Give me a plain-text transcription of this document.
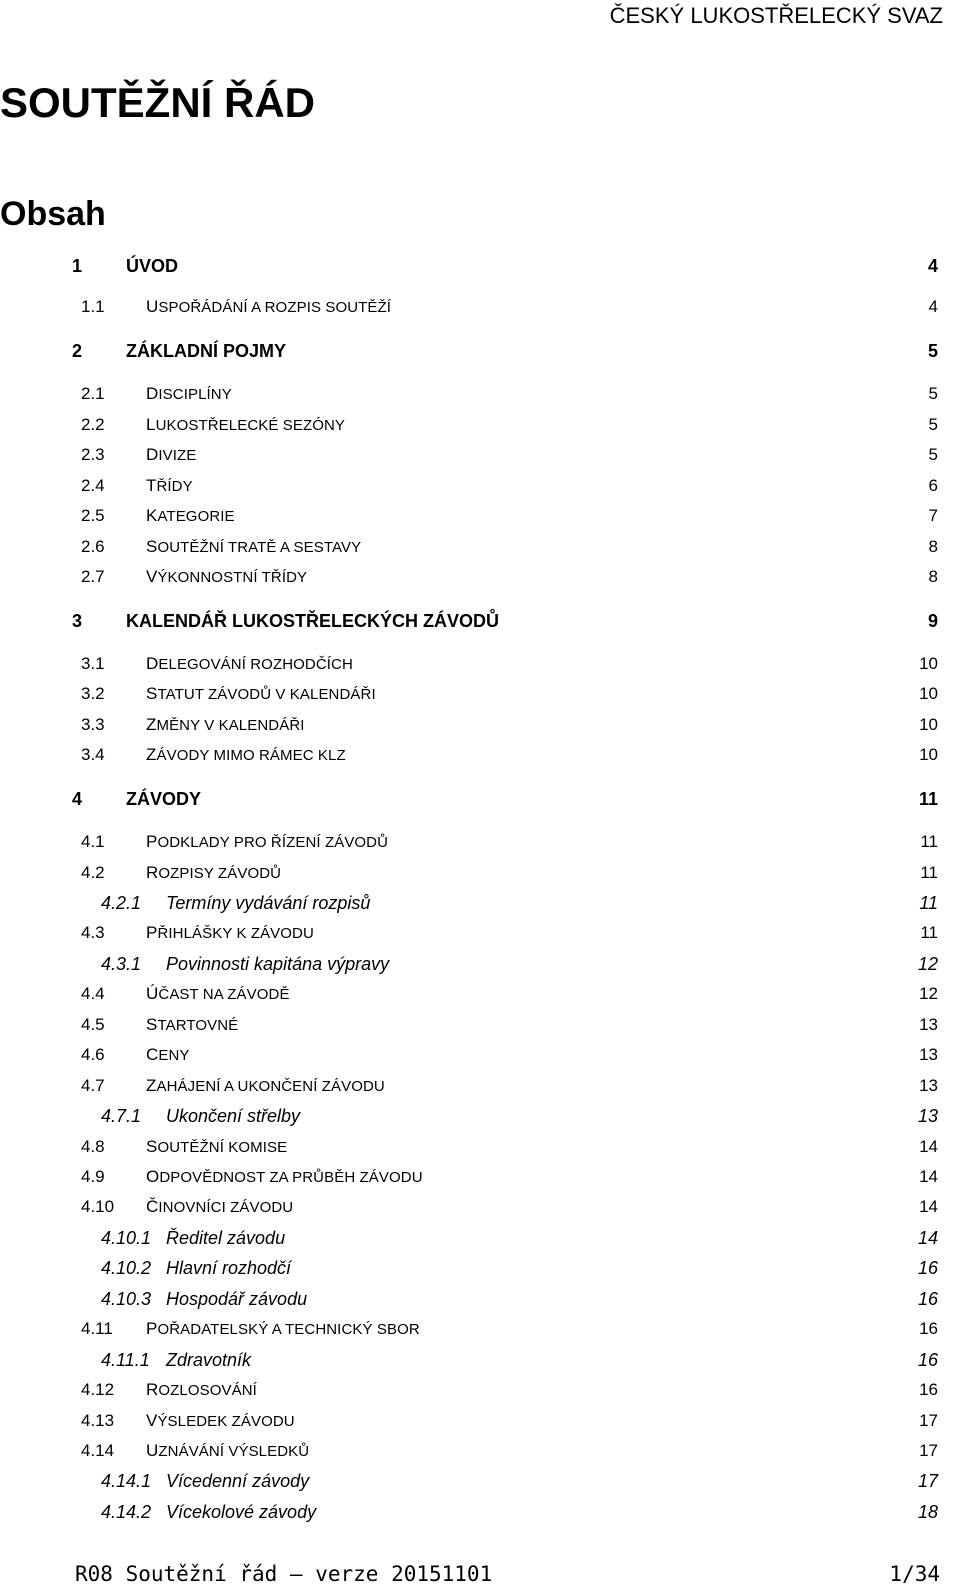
ČESKÝ LUKOSTŘELECKÝ SVAZ
SOUTĚŽNÍ ŘÁD
Obsah
1 ÚVOD	4
1.1	USPOŘÁDÁNÍ A ROZPIS SOUTĚŽÍ	4
2 ZÁKLADNÍ POJMY	5
2.1	DISCIPLÍNY	5
2.2	LUKOSTŘELECKÉ SEZÓNY	5
2.3	DIVIZE	5
2.4	TŘÍDY	6
2.5	KATEGORIE	7
2.6	SOUTĚŽNÍ TRATĚ A SESTAVY	8
2.7	VÝKONNOSTNÍ TŘÍDY	8
3 KALENDÁŘ LUKOSTŘELECKÝCH ZÁVODŮ	9
3.1	DELEGOVÁNÍ ROZHODČÍCH	10
3.2	STATUT ZÁVODŮ V KALENDÁŘI	10
3.3	ZMĚNY V KALENDÁŘI	10
3.4	ZÁVODY MIMO RÁMEC KLZ	10
4 ZÁVODY	11
4.1	PODKLADY PRO ŘÍZENÍ ZÁVODŮ	11
4.2	ROZPISY ZÁVODŮ	11
4.2.1 Termíny vydávání rozpisů	11
4.3	PŘIHLÁŠKY K ZÁVODU	11
4.3.1 Povinnosti kapitána výpravy	12
4.4	ÚČAST NA ZÁVODĚ	12
4.5	STARTOVNÉ	13
4.6	CENY	13
4.7	ZAHÁJENÍ A UKONČENÍ ZÁVODU	13
4.7.1 Ukončení střelby	13
4.8	SOUTĚŽNÍ KOMISE	14
4.9	ODPOVĚDNOST ZA PRŮBĚH ZÁVODU	14
4.10 ČINOVNÍCI ZÁVODU	14
4.10.1 Ředitel závodu	14
4.10.2 Hlavní rozhodčí	16
4.10.3 Hospodář závodu	16
4.11 POŘADATELSKÝ A TECHNICKÝ SBOR	16
4.11.1 Zdravotník	16
4.12 ROZLOSOVÁNÍ	16
4.13 VÝSLEDEK ZÁVODU	17
4.14 UZNÁVÁNÍ VÝSLEDKŮ	17
4.14.1 Vícedenní závody	17
4.14.2 Vícekolové závody	18
R08 Soutěžní řád – verze 20151101	1/34
